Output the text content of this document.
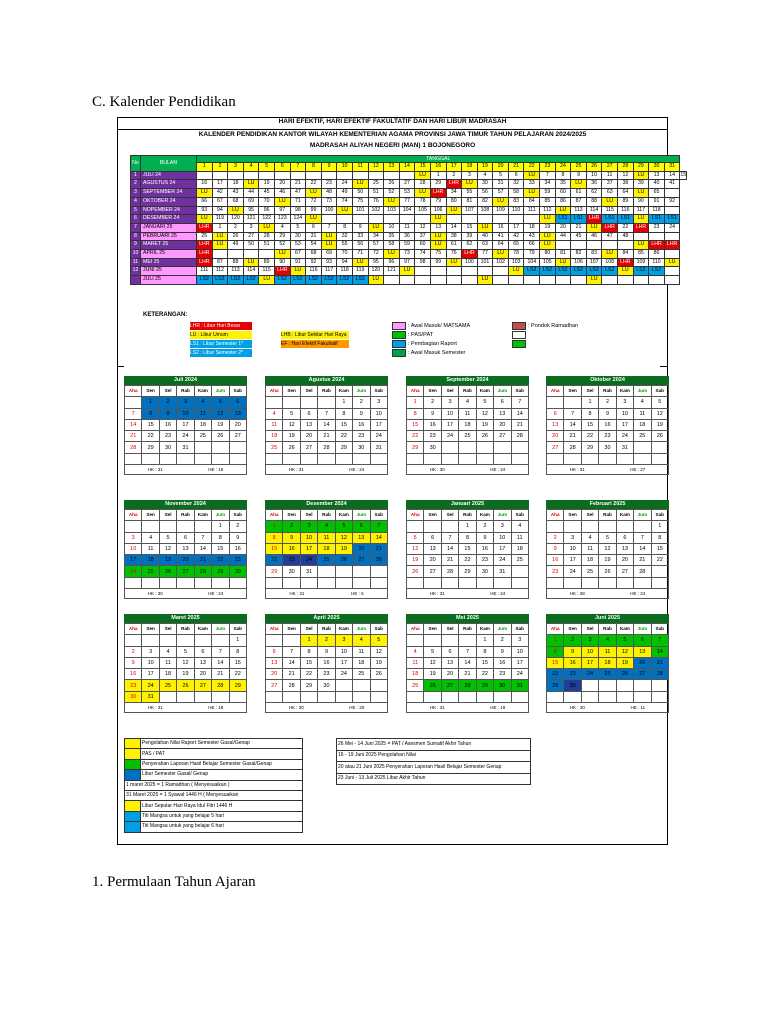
C. Kalender Pendidikan
HARI EFEKTIF, HARI EFEKTIF FAKULTATIF DAN HARI LIBUR MADRASAH
KALENDER PENDIDIKAN KANTOR WILAYAH KEMENTERIAN AGAMA PROVINSI JAWA TIMUR TAHUN PELAJARAN 2024/2025
MADRASAH ALIYAH NEGERI (MAN) 1 BOJONEGORO
No	BULAN	TANGGAL																															
		1	2	3	4	5	6	7	8	9	10	11	12	13	14	15	16	17	18	19	20	21	22	23	24	25	26	27	28	29	30	31	
1	JULI 24															LU	1	2	3	4	5	6	LU	7	8	9	10	11	12	LU	13	14	15
2	AGUSTUS 24	16	17	18	LU	19	20	21	22	23	24	LU	25	26	27	28	29	LHR	LU	30	31	32	33	34	35	LU	36	37	38	39	40	41	
3	SEPTEMBER 24	LU	42	43	44	45	46	47	LU	48	49	50	51	52	53	LU	LHR	34	55	56	57	58	LU	59	60	61	62	63	64	LU	65		
4	OKTOBER 24	66	67	68	69	70	LU	71	72	73	74	75	76	LU	77	78	79	80	81	82	LU	83	84	85	86	87	88	LU	89	90	91	92	
5	NOPEMBER 24	93	94	LU	95	96	97	98	99	100	LU	101	102	103	104	105	106	LU	107	108	109	110	111	112	LU	113	114	115	116	117	118		
6	DESEMBER 24	LU	119	120	121	122	123	124	LU								LU							LU	LS1	LS1	LHR	LS1	LS1	LU	LS1	LS1	
7	JANUARI 25	LHR	1	2	3	LU	4	5	6	7	8	9	LU	10	11	12	13	14	15	LU	16	17	18	19	20	21	LU	LHR	22	LHR	23	24	
8	PEBRUARI 25	25	LU	26	27	28	29	30	31	LU	32	33	34	35	36	37	LU	38	39	40	41	42	43	LU	44	45	46	47	48				
9	MARET 25	LHR	LU	49	50	51	52	53	54	LU	55	56	57	58	59	60	LU	61	62	63	64	65	66	LU						LU	LHR	LHR	
10	APRIL 25	LHR					LU	67	68	69	70	71	72	LU	73	74	75	76	LHR	77	LU	78	79	80	81	82	83	LU	84	85	86		
11	MEI 25	LHR	87	88	LU	89	90	91	92	93	94	LU	95	96	97	98	99	LU	100	101	102	103	104	105	LU	106	107	108	LHR	109	110	LU	
12	JUNI 25	111	112	113	114	115	LHR	LU	116	117	118	119	120	121	LU							LU	LS2	LS2	LS2	LS2	LS2	LS2	LU	LS2	LS2		
	JULI 25	LS2	LS2	LS2	LS2	LU	LS2	LS2	LS2	LS2	LS2	LS2	LU							LU							LU						
KETERANGAN:
LHR : Libur Hari Besar
LU : Libur Umum
LS1 : Libur Semester 1*
LS2 : Libur Semester 2*
LHB : Libur Sekitar Hari Raya
EF : Hari Efektif Fakultatif
: Awal Masuk/ MATSAMA
: PAS/PAT
: Pembagian Raport
: Awal Masuk Semester
: Pondok Ramadhan
Juli 2024
Aha	Sen	Sel	Rab	Kam	Jum	Sab
	1	2	3	4	5	6
7	8	9	10	11	12	13
14	15	16	17	18	19	20
21	22	23	24	25	26	27
28	29	30	31			

HK : 31	HE : 15
Agustus 2024
Aha	Sen	Sel	Rab	Kam	Jum	Sab
				1	2	3
4	5	6	7	8	9	10
11	12	13	14	15	16	17
18	19	20	21	22	23	24
25	26	27	28	29	30	31

HK : 31	HE : 24
September 2024
Aha	Sen	Sel	Rab	Kam	Jum	Sab
1	2	3	4	5	6	7
8	9	10	11	12	13	14
15	16	17	18	19	20	21
22	23	24	25	26	27	28
29	30					

HK : 30	HE : 24
Oktober 2024
Aha	Sen	Sel	Rab	Kam	Jum	Sab
		1	2	3	4	5
6	7	8	9	10	11	12
13	14	15	16	17	18	19
20	21	22	23	24	25	26
27	28	29	30	31		

HK : 31	HE : 27
November 2024
Aha	Sen	Sel	Rab	Kam	Jum	Sab
					1	2
3	4	5	6	7	8	9
10	11	12	13	14	15	16
17	18	19	20	21	22	23
24	25	26	27	28	29	30

HK : 30	HE : 24
Desember 2024
Aha	Sen	Sel	Rab	Kam	Jum	Sab
1	2	3	4	5	6	7
8	9	10	11	12	13	14
15	16	17	18	19	20	21
22	23	24	25	26	27	28
29	30	31				

HK : 31	HE : 6
Januari 2025
Aha	Sen	Sel	Rab	Kam	Jum	Sab
			1	2	3	4
5	6	7	8	9	10	11
12	13	14	15	16	17	18
19	20	21	22	23	24	25
26	27	28	29	30	31	

HK : 31	HE : 24
Februari 2025
Aha	Sen	Sel	Rab	Kam	Jum	Sab
						1
2	3	4	5	6	7	8
9	10	11	12	13	14	15
16	17	18	19	20	21	22
23	24	25	26	27	28	

HK : 28	HE : 24
Maret 2025
Aha	Sen	Sel	Rab	Kam	Jum	Sab
						1
2	3	4	5	6	7	8
9	10	11	12	13	14	15
16	17	18	19	20	21	22
23	24	25	26	27	28	29
30	31					
HK : 31	HE : 18
April 2025
Aha	Sen	Sel	Rab	Kam	Jum	Sab
		1	2	3	4	5
6	7	8	9	10	11	12
13	14	15	16	17	18	19
20	21	22	23	24	25	26
27	28	29	30			

HK : 30	HE : 20
Mei 2025
Aha	Sen	Sel	Rab	Kam	Jum	Sab
				1	2	3
4	5	6	7	8	9	10
11	12	13	14	15	16	17
18	19	20	21	22	23	24
25	26	27	28	29	30	31

HK : 31	HE : 19
Juni 2025
Aha	Sen	Sel	Rab	Kam	Jum	Sab
1	2	3	4	5	6	7
8	9	10	11	12	13	14
15	16	17	18	19	20	21
22	23	24	25	26	27	28
29	30					

HK : 30	HE : 11
	Pengolahan Nilai Raport Semester Gasal/Genap
	PAS / PAT
	Penyerahan Laporan Hasil Belajar Semester Gasal/Genap
	Libur Semester Gasal/ Genap
1 maret 2025 = 1 Ramadhan ( Menyesuaikan )	
31 Maret 2025 = 1 Syawal 1446 H ( Menyesuaikan	
	Libur Seputar Hari Raya Idul Fitri 1446 H
	Titi Mangsa untuk yang belajar 5 hari
	Titi Mangsa untuk yang belajar 6 hari
26 Mei - 14 Juni 2025 = PAT / Asesmen Sumatif Akhir Tahun
16 - 19 Juni 2025 Pengolahan Nilai
20 atau 21 Juni 2025 Penyerahan Laporan Hasil Belajar Semester Genap
23 Juni - 13 Juli 2025 Libur Akhir Tahun
1. Permulaan Tahun Ajaran
